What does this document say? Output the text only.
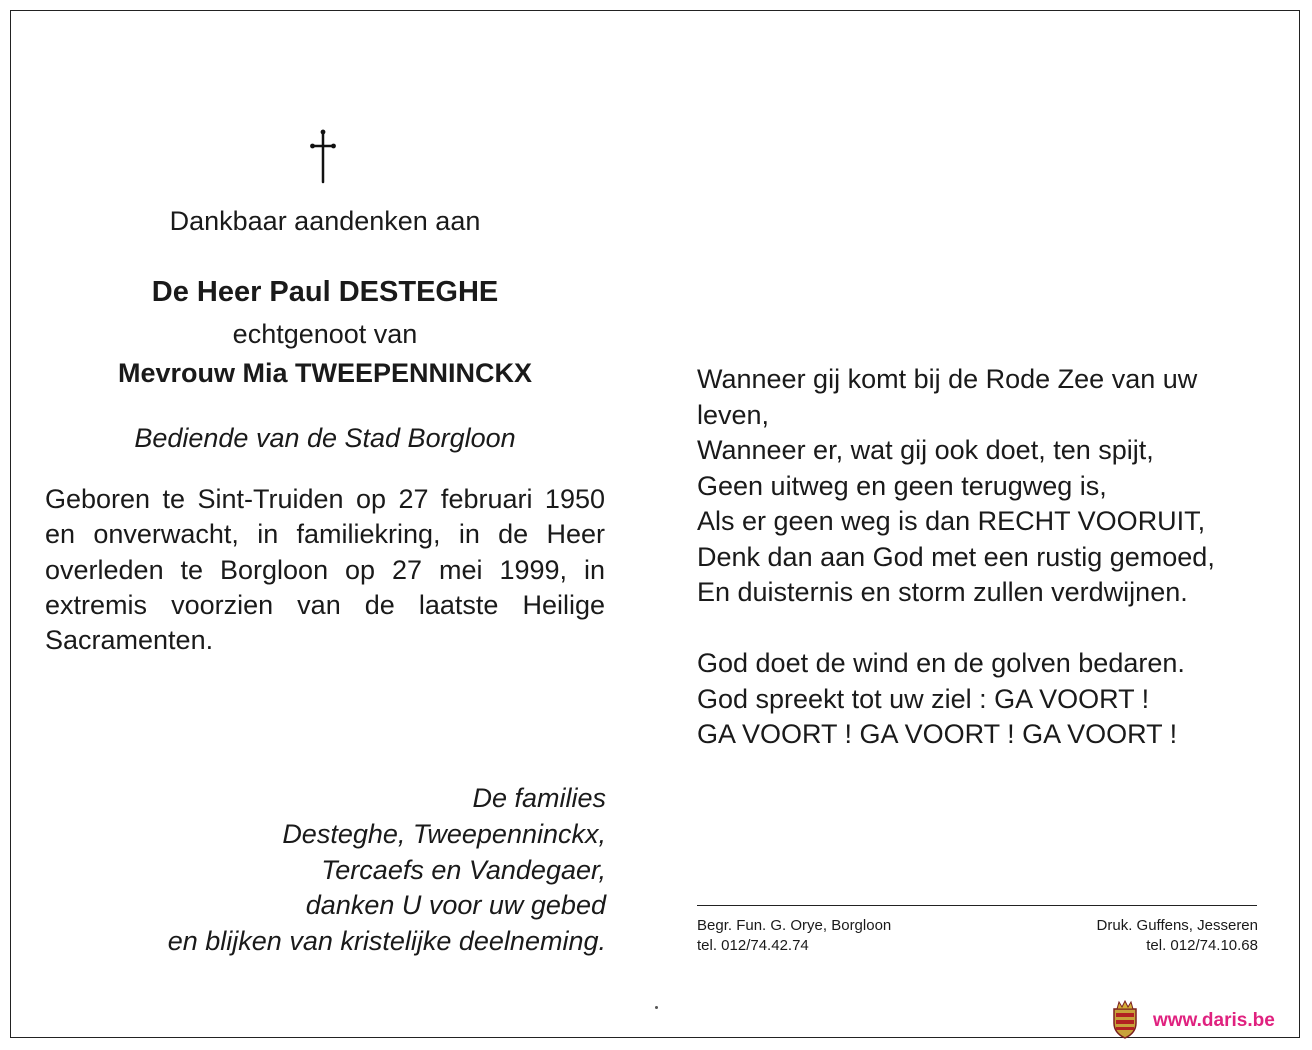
Dankbaar aandenken aan
De Heer Paul DESTEGHE
echtgenoot van
Mevrouw Mia TWEEPENNINCKX
Bediende van de Stad Borgloon
Geboren te Sint-Truiden op 27 februari 1950
en onverwacht, in familiekring, in de Heer
overleden te Borgloon op 27 mei 1999, in
extremis voorzien van de laatste Heilige
Sacramenten.
De families
Desteghe, Tweepenninckx,
Tercaefs en Vandegaer,
danken U voor uw gebed
en blijken van kristelijke deelneming.
Wanneer gij komt bij de Rode Zee van uw
leven,
Wanneer er, wat gij ook doet, ten spijt,
Geen uitweg en geen terugweg is,
Als er geen weg is dan RECHT VOORUIT,
Denk dan aan God met een rustig gemoed,
En duisternis en storm zullen verdwijnen.
God doet de wind en de golven bedaren.
God spreekt tot uw ziel : GA VOORT !
GA VOORT ! GA VOORT ! GA VOORT !
Begr. Fun. G. Orye, Borgloon
tel. 012/74.42.74
Druk. Guffens, Jesseren
tel. 012/74.10.68
www.daris.be
